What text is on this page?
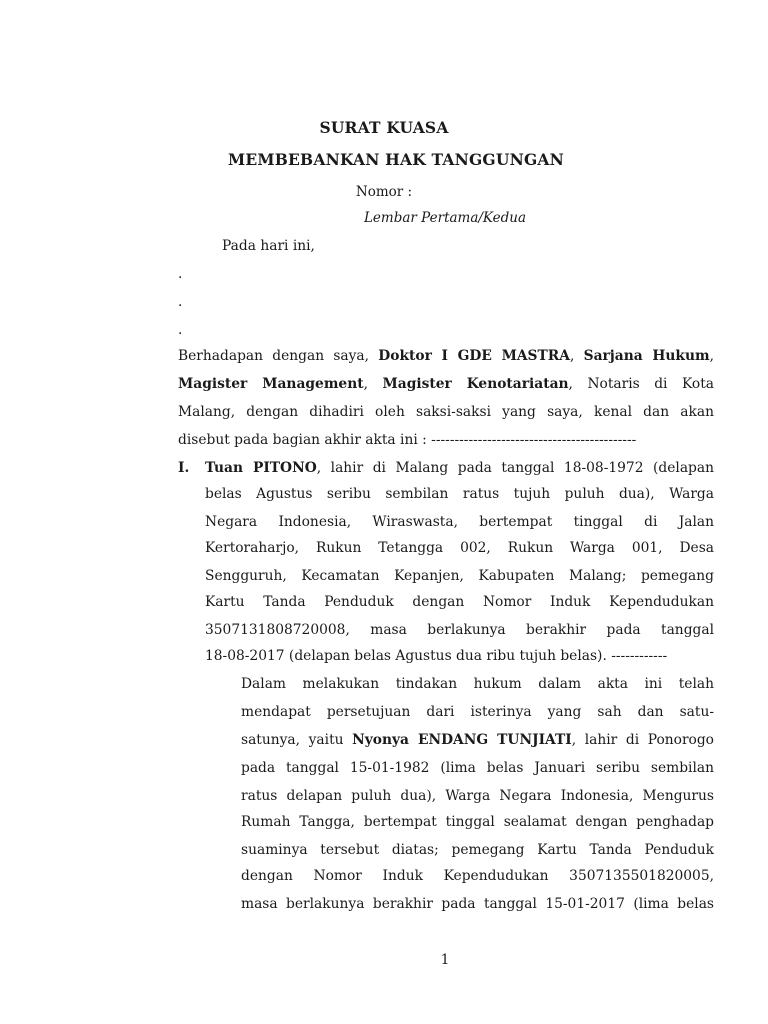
SURAT KUASA
MEMBEBANKAN HAK TANGGUNGAN
Nomor :
Lembar Pertama/Kedua
Pada hari ini,
.
.
.
Berhadapan dengan saya, Doktor I GDE MASTRA, Sarjana Hukum,
Magister Management, Magister Kenotariatan, Notaris di Kota
Malang, dengan dihadiri oleh saksi-saksi yang saya, kenal dan akan
disebut pada bagian akhir akta ini : --------------------------------------------
I. Tuan PITONO, lahir di Malang pada tanggal 18-08-1972 (delapan
belas Agustus seribu sembilan ratus tujuh puluh dua), Warga
Negara Indonesia, Wiraswasta, bertempat tinggal di Jalan
Kertoraharjo, Rukun Tetangga 002, Rukun Warga 001, Desa
Sengguruh, Kecamatan Kepanjen, Kabupaten Malang; pemegang
Kartu Tanda Penduduk dengan Nomor Induk Kependudukan
3507131808720008, masa berlakunya berakhir pada tanggal
18-08-2017 (delapan belas Agustus dua ribu tujuh belas). ------------
Dalam melakukan tindakan hukum dalam akta ini telah
mendapat persetujuan dari isterinya yang sah dan satu-
satunya, yaitu Nyonya ENDANG TUNJIATI, lahir di Ponorogo
pada tanggal 15-01-1982 (lima belas Januari seribu sembilan
ratus delapan puluh dua), Warga Negara Indonesia, Mengurus
Rumah Tangga, bertempat tinggal sealamat dengan penghadap
suaminya tersebut diatas; pemegang Kartu Tanda Penduduk
dengan Nomor Induk Kependudukan 3507135501820005,
masa berlakunya berakhir pada tanggal 15-01-2017 (lima belas
1
